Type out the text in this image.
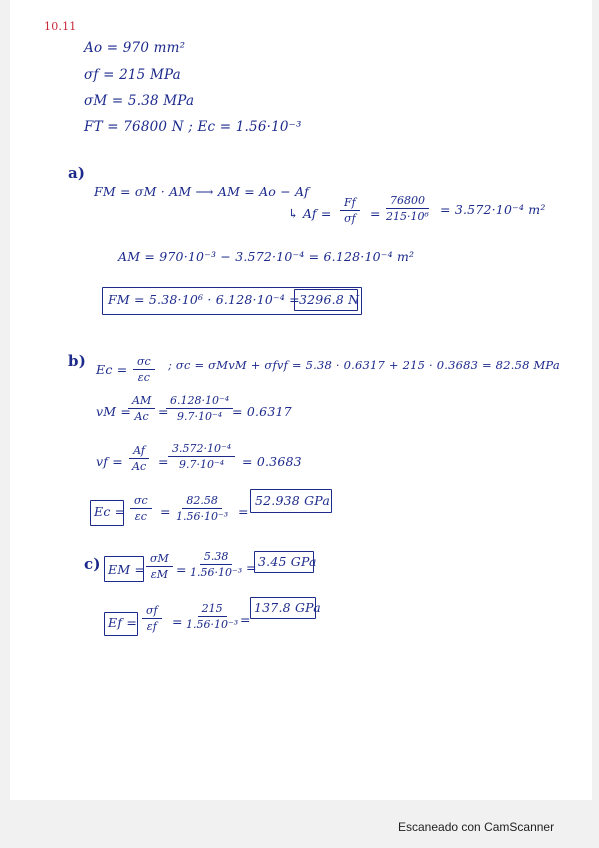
10.11
Ao = 970 mm²
σf = 215 MPa
σM = 5.38 MPa
FT = 76800 N ; Ec = 1.56·10⁻³
a)
FM = σM · AM ⟶ AM = Ao − Af
↳ $Af = \frac{Ff}{\sigma f} = \frac{76800}{\text{215·10⁶}} = 3.572\cdot 10^{-4}$ m²
AM = 970·10⁻³ − 3.572·10⁻⁴ = 6.128·10⁻⁴ m²
FM = 5.38·10⁶ · 6.128·10⁻⁴ = 3296.8 N
b) $Ec = \frac{\sigma c}{\varepsilon c}$ ; σc = σMvM + σfvf = 5.38 · 0.6317 + 215 · 0.3683 = 82.58 MPa
vM =
$\frac{AM}{Ac}$ =
$\frac{\text{6.128·10⁻⁴}}{\text{9.7·10⁻⁴}}$
= 0.6317
vf = $\frac{Af}{Ac} = \frac{\text{3.572·10⁻⁴}}{\text{9.7·10⁻⁴}} = 0.3683$
$Ec = \frac{\sigma c}{\varepsilon c} = \frac{82.58}{\text{1.56·10⁻³}}$ =
52.938 GPa
c) EM = $\frac{\sigma M}{\varepsilon M} = \frac{5.38}{\text{1.56·10⁻³}} = 3.45$ GPa
$Ef = \frac{\sigma f}{\varepsilon f} = \frac{215}{\text{1.56·10⁻³}}$
=
137.8 GPa
Escaneado con CamScanner
